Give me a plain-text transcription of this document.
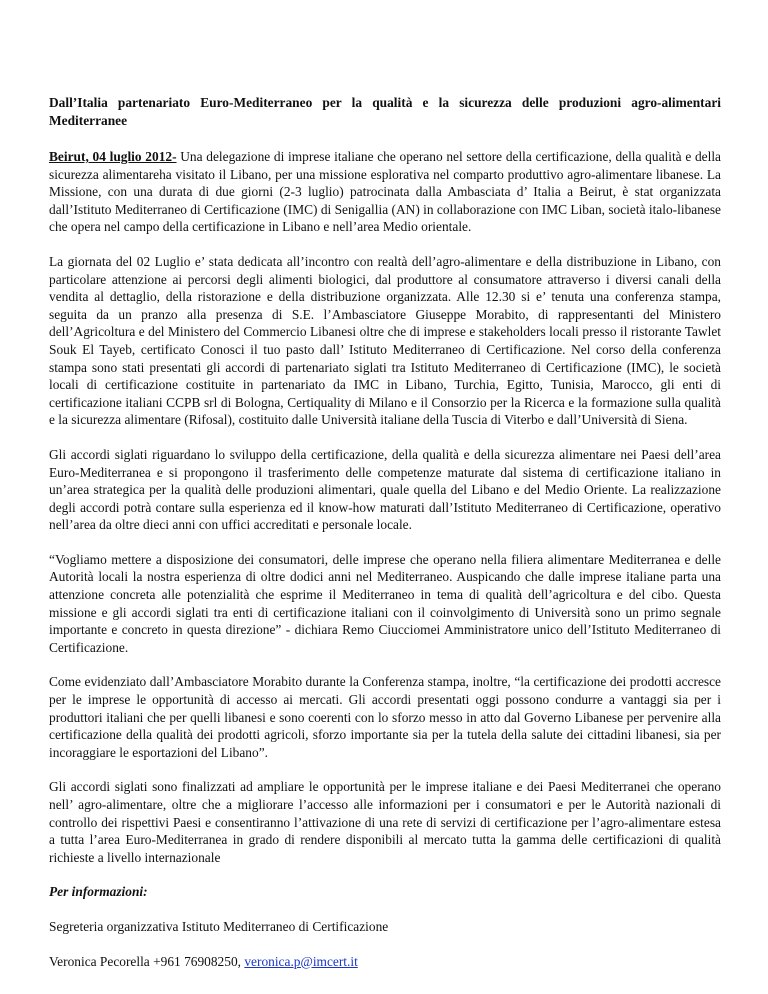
Dall’Italia partenariato Euro-Mediterraneo per la qualità e la sicurezza delle produzioni agro-alimentari Mediterranee

Beirut, 04 luglio 2012- Una delegazione di imprese italiane che operano nel settore della certificazione, della qualità e della sicurezza alimentareha visitato il Libano, per una missione esplorativa nel comparto produttivo agro-alimentare libanese. La Missione, con una durata di due giorni (2-3 luglio) patrocinata dalla Ambasciata d’ Italia a Beirut, è stat organizzata dall’Istituto Mediterraneo di Certificazione (IMC) di Senigallia (AN) in collaborazione con IMC Liban, società italo-libanese che opera nel campo della certificazione in Libano e nell’area Medio orientale.

La giornata del 02 Luglio e’ stata dedicata all’incontro con realtà dell’agro-alimentare e della distribuzione in Libano, con particolare attenzione ai percorsi degli alimenti biologici, dal produttore al consumatore attraverso i diversi canali della vendita al dettaglio, della ristorazione e della distribuzione organizzata. Alle 12.30 si e’ tenuta una conferenza stampa, seguita da un pranzo alla presenza di S.E. l’Ambasciatore Giuseppe Morabito, di rappresentanti del Ministero dell’Agricoltura e del Ministero del Commercio Libanesi oltre che di imprese e stakeholders locali presso il ristorante Tawlet Souk El Tayeb, certificato Conosci il tuo pasto dall’ Istituto Mediterraneo di Certificazione. Nel corso della conferenza stampa sono stati presentati gli accordi di partenariato siglati tra Istituto Mediterraneo di Certificazione (IMC), le società locali di certificazione costituite in partenariato da IMC in Libano, Turchia, Egitto, Tunisia, Marocco, gli enti di certificazione italiani CCPB srl di Bologna, Certiquality di Milano e il Consorzio per la Ricerca e la formazione sulla qualità e la sicurezza alimentare (Rifosal), costituito dalle Università italiane della Tuscia di Viterbo e dall’Università di Siena.

Gli accordi siglati riguardano lo sviluppo della certificazione, della qualità e della sicurezza alimentare nei Paesi dell’area Euro-Mediterranea e si propongono il trasferimento delle competenze maturate dal sistema di certificazione italiano in un’area strategica per la qualità delle produzioni alimentari, quale quella del Libano e del Medio Oriente. La realizzazione degli accordi potrà contare sulla esperienza ed il know-how maturati dall’Istituto Mediterraneo di Certificazione, operativo nell’area da oltre dieci anni con uffici accreditati e personale locale.

“Vogliamo mettere a disposizione dei consumatori, delle imprese che operano nella filiera alimentare Mediterranea e delle Autorità locali la nostra esperienza di oltre dodici anni nel Mediterraneo. Auspicando che dalle imprese italiane parta una attenzione concreta alle potenzialità che esprime il Mediterraneo in tema di qualità dell’agricoltura e del cibo. Questa missione e gli accordi siglati tra enti di certificazione italiani con il coinvolgimento di Università sono un primo segnale importante e concreto in questa direzione” - dichiara Remo Ciucciomei Amministratore unico dell’Istituto Mediterraneo di Certificazione.

Come evidenziato dall’Ambasciatore Morabito durante la Conferenza stampa, inoltre, “la certificazione dei prodotti accresce per le imprese le opportunità di accesso ai mercati. Gli accordi presentati oggi possono condurre a vantaggi sia per i produttori italiani che per quelli libanesi e sono coerenti con lo sforzo messo in atto dal Governo Libanese per pervenire alla certificazione della qualità dei prodotti agricoli, sforzo importante sia per la tutela della salute dei cittadini libanesi, sia per incoraggiare le esportazioni del Libano”.

Gli accordi siglati sono finalizzati ad ampliare le opportunità per le imprese italiane e dei Paesi Mediterranei che operano nell’ agro-alimentare, oltre che a migliorare l’accesso alle informazioni per i consumatori e per le Autorità nazionali di controllo dei rispettivi Paesi e consentiranno l’attivazione di una rete di servizi di certificazione per l’agro-alimentare estesa a tutta l’area Euro-Mediterranea in grado di rendere disponibili al mercato tutta la gamma delle certificazioni di qualità richieste a livello internazionale

Per informazioni:

Segreteria organizzativa Istituto Mediterraneo di Certificazione

Veronica Pecorella +961 76908250, veronica.p@imcert.it
